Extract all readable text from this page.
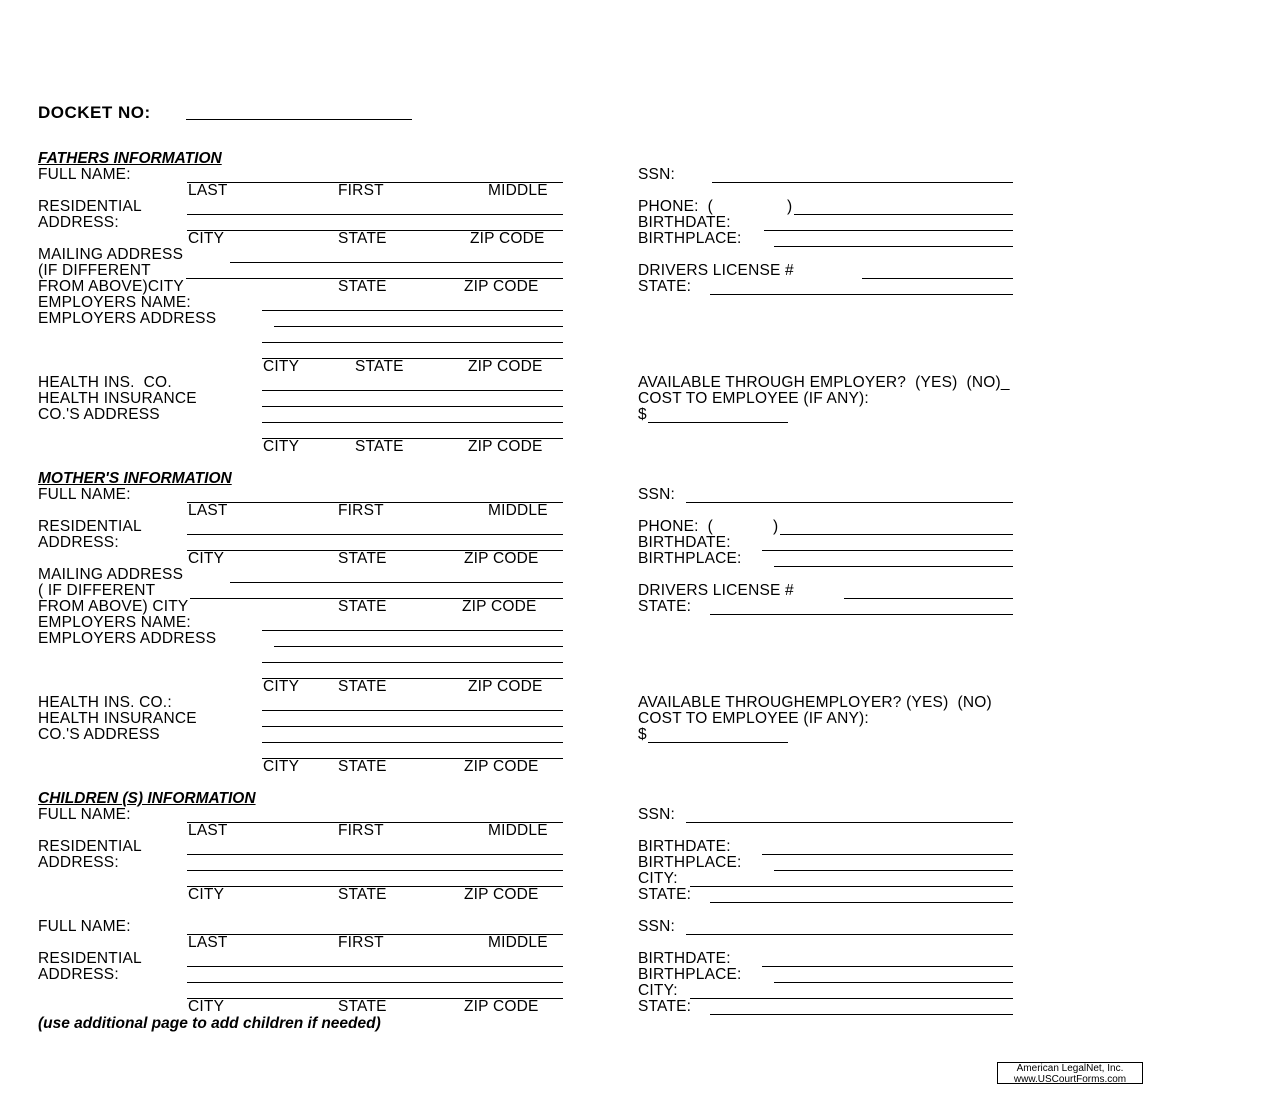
DOCKET NO:
FATHERS INFORMATION
FULL NAME:
LAST	FIRST	MIDDLE
RESIDENTIAL
ADDRESS:
CITY	STATE	ZIP CODE
MAILING ADDRESS
(IF DIFFERENT
FROM ABOVE)CITY	STATE	ZIP CODE
EMPLOYERS NAME:
EMPLOYERS ADDRESS
CITY	STATE	ZIP CODE
HEALTH INS.  CO.
HEALTH INSURANCE
CO.'S ADDRESS
CITY	STATE	ZIP CODE
SSN:
PHONE:  (	)
BIRTHDATE:
BIRTHPLACE:
DRIVERS LICENSE #
STATE:
AVAILABLE THROUGH EMPLOYER?  (YES)  (NO)_
COST TO EMPLOYEE (IF ANY):
$
MOTHER'S INFORMATION
FULL NAME:
LAST	FIRST	MIDDLE
RESIDENTIAL
ADDRESS:
CITY	STATE	ZIP CODE
MAILING ADDRESS
( IF DIFFERENT
FROM ABOVE) CITY	STATE	ZIP CODE
EMPLOYERS NAME:
EMPLOYERS ADDRESS
CITY	STATE	ZIP CODE
HEALTH INS. CO.:
HEALTH INSURANCE
CO.'S ADDRESS
CITY	STATE	ZIP CODE
SSN:
PHONE:  (	)
BIRTHDATE:
BIRTHPLACE:
DRIVERS LICENSE #
STATE:
AVAILABLE THROUGHEMPLOYER? (YES)  (NO)
COST TO EMPLOYEE (IF ANY):
$
CHILDREN (S) INFORMATION
FULL NAME:
LAST	FIRST	MIDDLE
RESIDENTIAL
ADDRESS:
CITY	STATE	ZIP CODE
SSN:
BIRTHDATE:
BIRTHPLACE:
CITY:
STATE:
FULL NAME:
LAST	FIRST	MIDDLE
RESIDENTIAL
ADDRESS:
CITY	STATE	ZIP CODE
SSN:
BIRTHDATE:
BIRTHPLACE:
CITY:
STATE:
(use additional page to add children if needed)
American LegalNet, Inc.
www.USCourtForms.com
